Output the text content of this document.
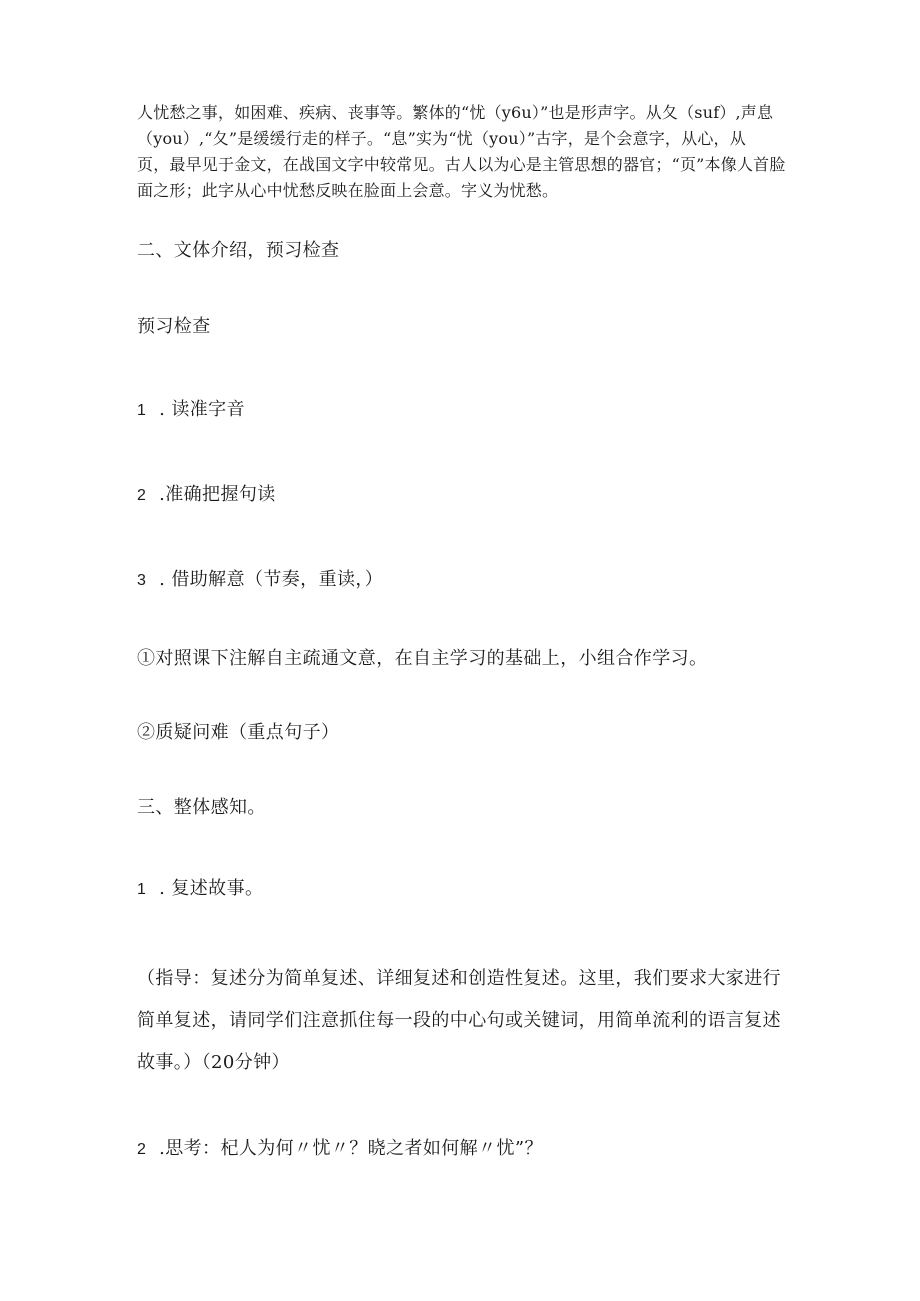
人忧愁之事，如困难、疾病、丧事等。繁体的“忧（y6u）”也是形声字。从夂（suf）,声息

（you）,“夂”是缓缓行走的样子。“息”实为“忧（you）”古字，是个会意字，从心，从

页，最早见于金文，在战国文字中较常见。古人以为心是主管思想的器官；“页”本像人首脸

面之形；此字从心中忧愁反映在脸面上会意。字义为忧愁。

二、文体介绍，预习检查
预习检查
1 . 读准字音
2 .准确把握句读
3 . 借助解意（节奏，重读，）
①对照课下注解自主疏通文意，在自主学习的基础上，小组合作学习。
②质疑问难（重点句子）
三、整体感知。
1 . 复述故事。

（指导：复述分为简单复述、详细复述和创造性复述。这里，我们要求大家进行

简单复述，请同学们注意抓住每一段的中心句或关键词，用简单流利的语言复述

故事。）（20分钟）

2 .思考：杞人为何〃忧〃？晓之者如何解〃忧”？
